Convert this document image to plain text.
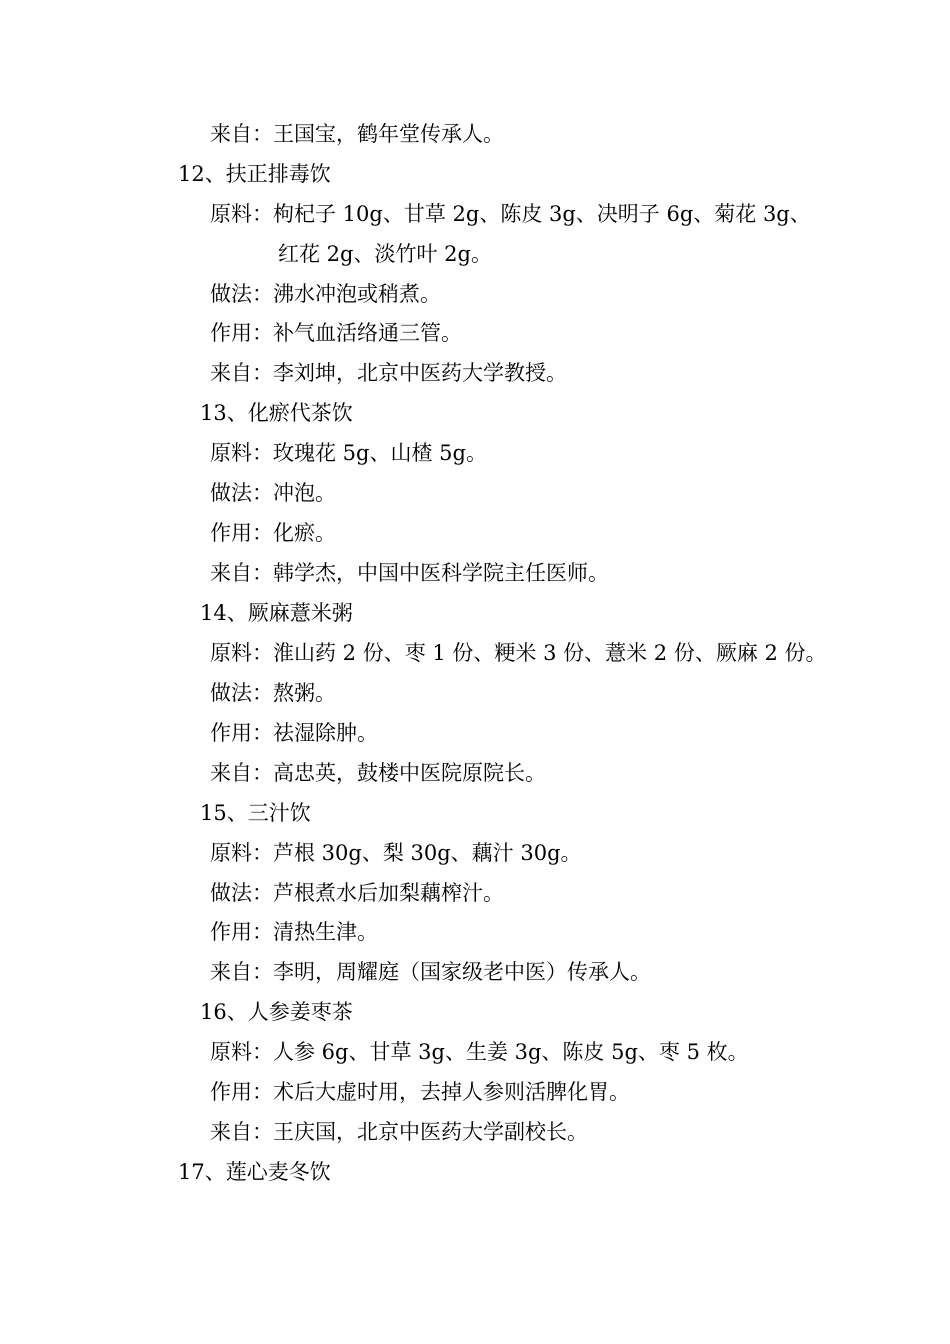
来自：王国宝，鹤年堂传承人。
12、扶正排毒饮
原料：枸杞子 10g、甘草 2g、陈皮 3g、决明子 6g、菊花 3g、
红花 2g、淡竹叶 2g。
做法：沸水冲泡或稍煮。
作用：补气血活络通三管。
来自：李刘坤，北京中医药大学教授。
13、化瘀代茶饮
原料：玫瑰花 5g、山楂 5g。
做法：冲泡。
作用：化瘀。
来自：韩学杰，中国中医科学院主任医师。
14、厥麻薏米粥
原料：淮山药 2 份、枣 1 份、粳米 3 份、薏米 2 份、厥麻 2 份。
做法：熬粥。
作用：祛湿除肿。
来自：高忠英，鼓楼中医院原院长。
15、三汁饮
原料：芦根 30g、梨 30g、藕汁 30g。
做法：芦根煮水后加梨藕榨汁。
作用：清热生津。
来自：李明，周耀庭（国家级老中医）传承人。
16、人参姜枣茶
原料：人参 6g、甘草 3g、生姜 3g、陈皮 5g、枣 5 枚。
作用：术后大虚时用，去掉人参则活脾化胃。
来自：王庆国，北京中医药大学副校长。
17、莲心麦冬饮
